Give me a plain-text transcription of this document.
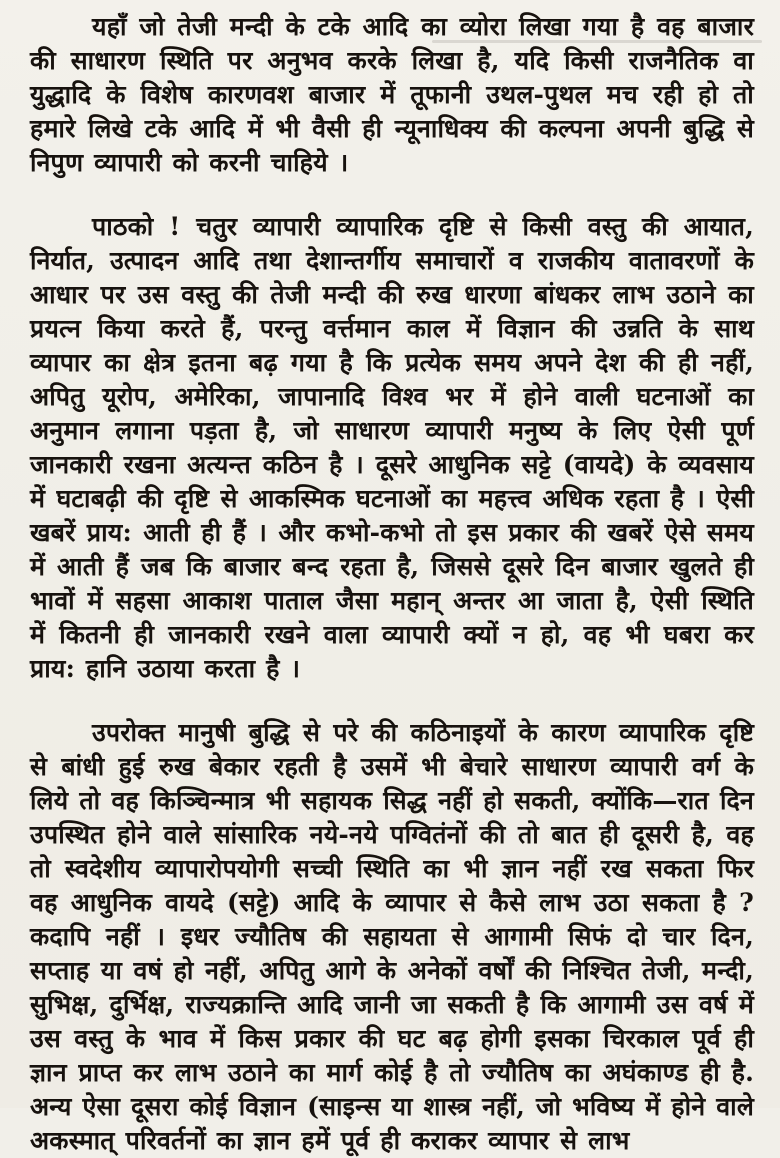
यहाँ जो तेजी मन्दी के टके आदि का व्योरा लिखा गया है वह बाजार की साधारण स्थिति पर अनुभव करके लिखा है, यदि किसी राजनैतिक वा युद्धादि के विशेष कारणवश बाजार में तूफानी उथल-पुथल मच रही हो तो हमारे लिखे टके आदि में भी वैसी ही न्यूनाधिक्य की कल्पना अपनी बुद्धि से निपुण व्यापारी को करनी चाहिये ।

पाठको ! चतुर व्यापारी व्यापारिक दृष्टि से किसी वस्तु की आयात, निर्यात, उत्पादन आदि तथा देशान्तर्गीय समाचारों व राजकीय वातावरणों के आधार पर उस वस्तु की तेजी मन्दी की रुख धारणा बांधकर लाभ उठाने का प्रयत्न किया करते हैं, परन्तु वर्त्तमान काल में विज्ञान की उन्नति के साथ व्यापार का क्षेत्र इतना बढ़ गया है कि प्रत्येक समय अपने देश की ही नहीं, अपितु यूरोप, अमेरिका, जापानादि विश्व भर में होने वाली घटनाओं का अनुमान लगाना पड़ता है, जो साधारण व्यापारी मनुष्य के लिए ऐसी पूर्ण जानकारी रखना अत्यन्त कठिन है । दूसरे आधुनिक सट्टे (वायदे) के व्यवसाय में घटाबढ़ी की दृष्टि से आकस्मिक घटनाओं का महत्त्व अधिक रहता है । ऐसी खबरें प्राय: आती ही हैं । और कभो-कभो तो इस प्रकार की खबरें ऐसे समय में आती हैं जब कि बाजार बन्द रहता है, जिससे दूसरे दिन बाजार खुलते ही भावों में सहसा आकाश पाताल जैसा महान् अन्तर आ जाता है, ऐसी स्थिति में कितनी ही जानकारी रखने वाला व्यापारी क्यों न हो, वह भी घबरा कर प्राय: हानि उठाया करता है ।

उपरोक्त मानुषी बुद्धि से परे की कठिनाइयों के कारण व्यापारिक दृष्टि से बांधी हुई रुख बेकार रहती है उसमें भी बेचारे साधारण व्यापारी वर्ग के लिये तो वह किञ्चिन्मात्र भी सहायक सिद्ध नहीं हो सकती, क्योंकि—रात दिन उपस्थित होने वाले सांसारिक नये-नये पग्वितंनों की तो बात ही दूसरी है, वह तो स्वदेशीय व्यापारोपयोगी सच्ची स्थिति का भी ज्ञान नहीं रख सकता फिर वह आधुनिक वायदे (सट्टे) आदि के व्यापार से कैसे लाभ उठा सकता है ? कदापि नहीं । इधर ज्यौतिष की सहायता से आगामी सिफं दो चार दिन, सप्ताह या वषं हो नहीं, अपितु आगे के अनेकों वर्षों की निश्चित तेजी, मन्दी, सुभिक्ष, दुर्भिक्ष, राज्यक्रान्ति आदि जानी जा सकती है कि आगामी उस वर्ष में उस वस्तु के भाव में किस प्रकार की घट बढ़ होगी इसका चिरकाल पूर्व ही ज्ञान प्राप्त कर लाभ उठाने का मार्ग कोई है तो ज्यौतिष का अघंकाण्ड ही है. अन्य ऐसा दूसरा कोई विज्ञान (साइन्स या शास्त्र नहीं, जो भविष्य में होने वाले अकस्मात् परिवर्तनों का ज्ञान हमें पूर्व ही कराकर व्यापार से लाभ
